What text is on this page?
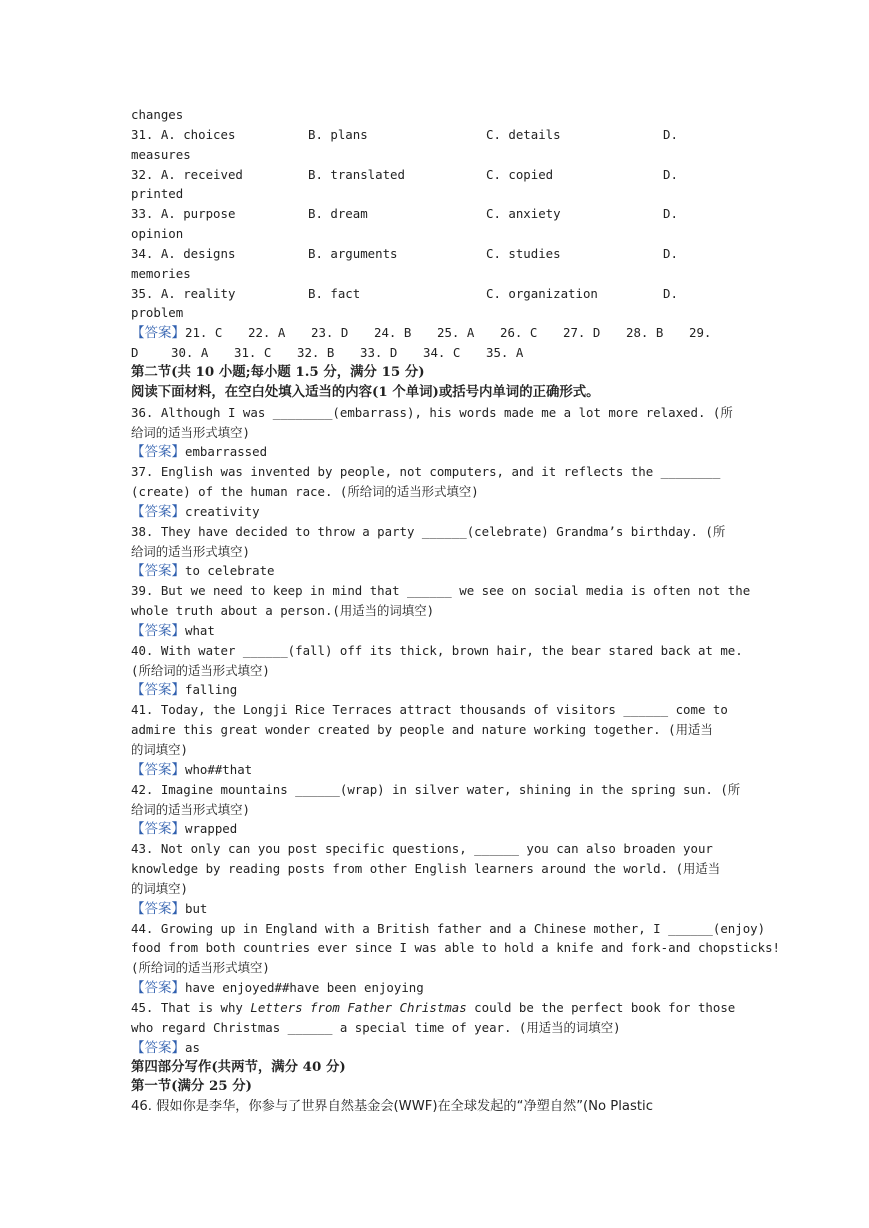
changes
31. A. choices	B. plans	C. details	D.
measures
32. A. received	B. translated	C. copied	D.
printed
33. A. purpose	B. dream	C. anxiety	D.
opinion
34. A. designs	B. arguments	C. studies	D.
memories
35. A. reality	B. fact	C. organization	D.
problem
【答案】21. C 22. A 23. D 24. B 25. A 26. C 27. D 28. B 29.
D	30. A 31. C 32. B 33. D 34. C 35. A
第二节(共 10 小题;每小题 1.5 分，满分 15 分)
阅读下面材料，在空白处填入适当的内容(1 个单词)或括号内单词的正确形式。
36. Although I was ________(embarrass), his words made me a lot more relaxed. (所
给词的适当形式填空)
【答案】embarrassed
37. English was invented by people, not computers, and it reflects the ________
(create) of the human race. (所给词的适当形式填空)
【答案】creativity
38. They have decided to throw a party ______(celebrate) Grandma’s birthday. (所
给词的适当形式填空)
【答案】to celebrate
39. But we need to keep in mind that ______ we see on social media is often not the
whole truth about a person.(用适当的词填空)
【答案】what
40. With water ______(fall) off its thick, brown hair, the bear stared back at me.
(所给词的适当形式填空)
【答案】falling
41. Today, the Longji Rice Terraces attract thousands of visitors ______ come to
admire this great wonder created by people and nature working together. (用适当
的词填空)
【答案】who##that
42. Imagine mountains ______(wrap) in silver water, shining in the spring sun. (所
给词的适当形式填空)
【答案】wrapped
43. Not only can you post specific questions, ______ you can also broaden your
knowledge by reading posts from other English learners around the world. (用适当
的词填空)
【答案】but
44. Growing up in England with a British father and a Chinese mother, I ______(enjoy)
food from both countries ever since I was able to hold a knife and fork-and chopsticks!
(所给词的适当形式填空)
【答案】have enjoyed##have been enjoying
45. That is why Letters from Father Christmas could be the perfect book for those
who regard Christmas ______ a special time of year. (用适当的词填空)
【答案】as
第四部分写作(共两节，满分 40 分)
第一节(满分 25 分)
46. 假如你是李华，你参与了世界自然基金会(WWF)在全球发起的“净塑自然”(No Plastic
